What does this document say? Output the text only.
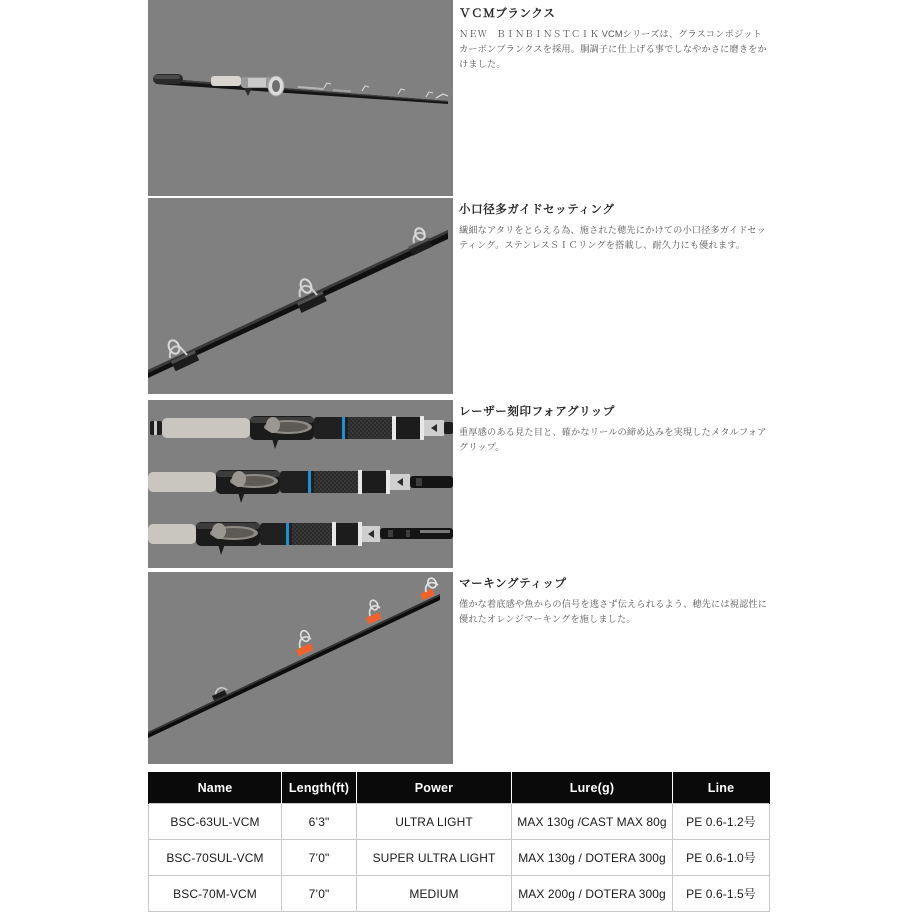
ＶＣＭブランクス

ＮＥＷ　ＢＩＮＢＩＮＳＴＣＩＫ VCMシリーズは、グラスコンポジットカーボンブランクスを採用。胴調子に仕上げる事でしなやかさに磨きをかけました。

小口径多ガイドセッティング

繊細なアタリをとらえる為、施された穂先にかけての小口径多ガイドセッティング。ステンレスＳＩＣリングを搭載し、耐久力にも優れます。

レーザー刻印フォアグリップ

重厚感のある見た目と、確かなリールの締め込みを実現したメタルフォアグリップ。

マーキングティップ

僅かな着底感や魚からの信号を逃さず伝えられるよう、穂先には視認性に優れたオレンジマーキングを施しました。

Name	Length(ft)	Power	Lure(g)	Line
BSC-63UL-VCM	6’3"	ULTRA LIGHT	MAX 130g /CAST MAX 80g	PE 0.6-1.2号
BSC-70SUL-VCM	7’0"	SUPER ULTRA LIGHT	MAX 130g / DOTERA 300g	PE 0.6-1.0号
BSC-70M-VCM	7’0"	MEDIUM	MAX 200g / DOTERA 300g	PE 0.6-1.5号
